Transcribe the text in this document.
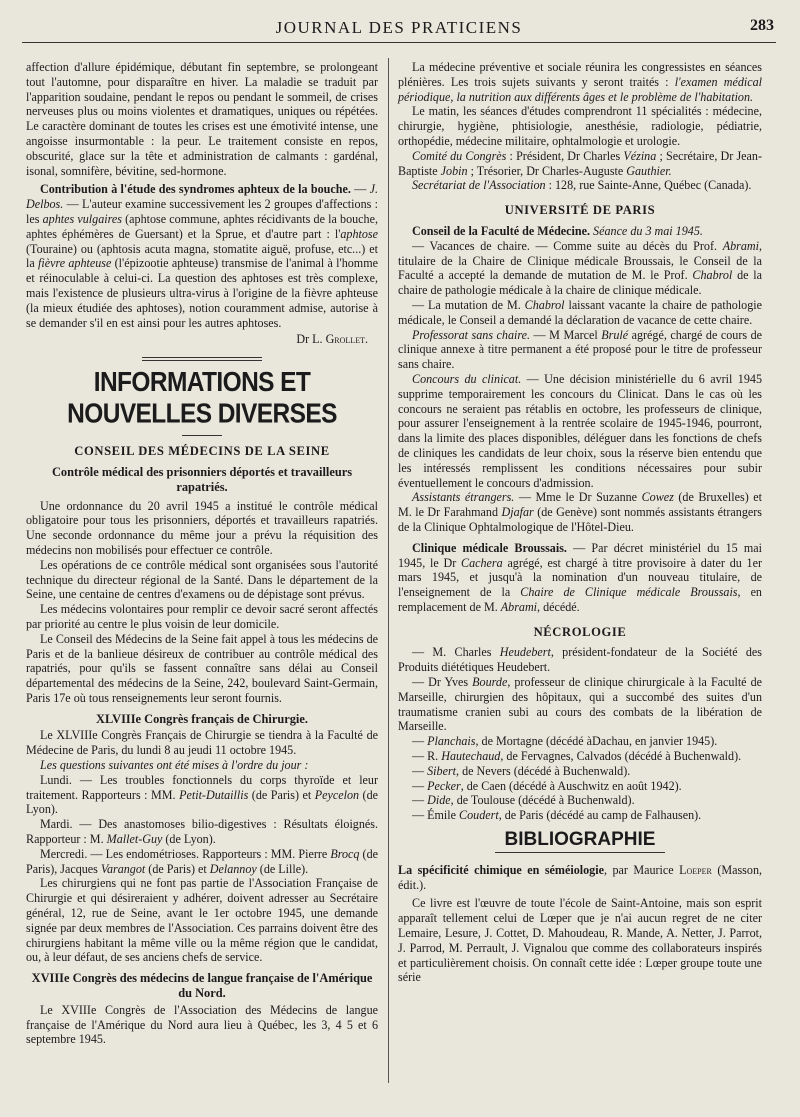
JOURNAL DES PRATICIENS	283

affection d'allure épidémique, débutant fin septembre, se prolongeant tout l'automne, pour disparaître en hiver. La maladie se traduit par l'apparition soudaine, pendant le repos ou pendant le sommeil, de crises nerveuses plus ou moins violentes et dramatiques, uniques ou répétées. Le caractère dominant de toutes les crises est une émotivité intense, une angoisse insurmontable : la peur. Le traitement consiste en repos, obscurité, glace sur la tête et administration de calmants : gardénal, isonal, somnifère, bévitine, sed-hormone.

Contribution à l'étude des syndromes aphteux de la bouche. — J. Delbos. — L'auteur examine successivement les 2 groupes d'affections : les aphtes vulgaires (aphtose commune, aphtes récidivants de la bouche, aphtes éphémères de Guersant) et la Sprue, et d'autre part : l'aphtose (Touraine) ou (aphtosis acuta magna, stomatite aiguë, profuse, etc...) et la fièvre aphteuse (l'épizootie aphteuse) transmise de l'animal à l'homme et réinoculable à celui-ci. La question des aphtoses est très complexe, mais l'existence de plusieurs ultra-virus à l'origine de la fièvre aphteuse (la mieux étudiée des aphtoses), notion couramment admise, autorise à se demander s'il en est ainsi pour les autres aphtoses.

Dr L. Grollet.

INFORMATIONS ET NOUVELLES DIVERSES
CONSEIL DES MÉDECINS DE LA SEINE
Contrôle médical des prisonniers déportés et travailleurs rapatriés.

Une ordonnance du 20 avril 1945 a institué le contrôle médical obligatoire pour tous les prisonniers, déportés et travailleurs rapatriés. Une seconde ordonnance du même jour a prévu la réquisition des médecins non mobilisés pour effectuer ce contrôle.

Les opérations de ce contrôle médical sont organisées sous l'autorité technique du directeur régional de la Santé. Dans le département de la Seine, une centaine de centres d'examens ou de dépistage sont prévus.

Les médecins volontaires pour remplir ce devoir sacré seront affectés par priorité au centre le plus voisin de leur domicile.

Le Conseil des Médecins de la Seine fait appel à tous les médecins de Paris et de la banlieue désireux de contribuer au contrôle médical des rapatriés, pour qu'ils se fassent connaître sans délai au Conseil départemental des médecins de la Seine, 242, boulevard Saint-Germain, Paris 17e où tous renseignements leur seront fournis.

XLVIIIe Congrès français de Chirurgie.

Le XLVIIIe Congrès Français de Chirurgie se tiendra à la Faculté de Médecine de Paris, du lundi 8 au jeudi 11 octobre 1945.

Les questions suivantes ont été mises à l'ordre du jour :

Lundi. — Les troubles fonctionnels du corps thyroïde et leur traitement. Rapporteurs : MM. Petit-Dutaillis (de Paris) et Peycelon (de Lyon).

Mardi. — Des anastomoses bilio-digestives : Résultats éloignés. Rapporteur : M. Mallet-Guy (de Lyon).

Mercredi. — Les endométrioses. Rapporteurs : MM. Pierre Brocq (de Paris), Jacques Varangot (de Paris) et Delannoy (de Lille).

Les chirurgiens qui ne font pas partie de l'Association Française de Chirurgie et qui désireraient y adhérer, doivent adresser au Secrétaire général, 12, rue de Seine, avant le 1er octobre 1945, une demande signée par deux membres de l'Association. Ces parrains doivent être des chirurgiens habitant la même ville ou la même région que le candidat, ou, à leur défaut, de ses anciens chefs de service.

XVIIIe Congrès des médecins de langue française de l'Amérique du Nord.

Le XVIIIe Congrès de l'Association des Médecins de langue française de l'Amérique du Nord aura lieu à Québec, les 3, 4 5 et 6 septembre 1945.

La médecine préventive et sociale réunira les congressistes en séances plénières. Les trois sujets suivants y seront traités : l'examen médical périodique, la nutrition aux différents âges et le problème de l'habitation.

Le matin, les séances d'études comprendront 11 spécialités : médecine, chirurgie, hygiène, phtisiologie, anesthésie, radiologie, pédiatrie, orthopédie, médecine militaire, ophtalmologie et urologie.

Comité du Congrès : Président, Dr Charles Vézina ; Secrétaire, Dr Jean-Baptiste Jobin ; Trésorier, Dr Charles-Auguste Gauthier.

Secrétariat de l'Association : 128, rue Sainte-Anne, Québec (Canada).

UNIVERSITÉ DE PARIS

Conseil de la Faculté de Médecine. Séance du 3 mai 1945.

— Vacances de chaire. — Comme suite au décès du Prof. Abrami, titulaire de la Chaire de Clinique médicale Broussais, le Conseil de la Faculté a accepté la demande de mutation de M. le Prof. Chabrol de la chaire de pathologie médicale à la chaire de clinique médicale.

— La mutation de M. Chabrol laissant vacante la chaire de pathologie médicale, le Conseil a demandé la déclaration de vacance de cette chaire.

Professorat sans chaire. — M Marcel Brulé agrégé, chargé de cours de clinique annexe à titre permanent a été proposé pour le titre de professeur sans chaire.

Concours du clinicat. — Une décision ministérielle du 6 avril 1945 supprime temporairement les concours du Clinicat. Dans le cas où les concours ne seraient pas rétablis en octobre, les professeurs de clinique, pour assurer l'enseignement à la rentrée scolaire de 1945-1946, pourront, dans la limite des places disponibles, déléguer dans les fonctions de chefs de cliniques les candidats de leur choix, sous la réserve bien entendu que les intéressés remplissent les conditions nécessaires pour subir éventuellement le concours d'admission.

Assistants étrangers. — Mme le Dr Suzanne Cowez (de Bruxelles) et M. le Dr Farahmand Djafar (de Genève) sont nommés assistants étrangers de la Clinique Ophtalmologique de l'Hôtel-Dieu.

Clinique médicale Broussais. — Par décret ministériel du 15 mai 1945, le Dr Cachera agrégé, est chargé à titre provisoire à dater du 1er mars 1945, et jusqu'à la nomination d'un nouveau titulaire, de l'enseignement de la Chaire de Clinique médicale Broussais, en remplacement de M. Abrami, décédé.

NÉCROLOGIE

— M. Charles Heudebert, président-fondateur de la Société des Produits diététiques Heudebert.

— Dr Yves Bourde, professeur de clinique chirurgicale à la Faculté de Marseille, chirurgien des hôpitaux, qui a succombé des suites d'un traumatisme cranien subi au cours des combats de la libération de Marseille.

— Planchais, de Mortagne (décédé àDachau, en janvier 1945).

— R. Hautechaud, de Fervagnes, Calvados (décédé à Buchenwald).

— Sibert, de Nevers (décédé à Buchenwald).

— Pecker, de Caen (décédé à Auschwitz en août 1942).

— Dide, de Toulouse (décédé à Buchenwald).

— Émile Coudert, de Paris (décédé au camp de Falhausen).

BIBLIOGRAPHIE

La spécificité chimique en séméiologie, par Maurice Loeper (Masson, édit.).

Ce livre est l'œuvre de toute l'école de Saint-Antoine, mais son esprit apparaît tellement celui de Lœper que je n'ai aucun regret de ne citer Lemaire, Lesure, J. Cottet, D. Mahoudeau, R. Mande, A. Netter, J. Parrot, J. Parrod, M. Perrault, J. Vignalou que comme des collaborateurs inspirés et particulièrement choisis. On connaît cette idée : Lœper groupe toute une série
